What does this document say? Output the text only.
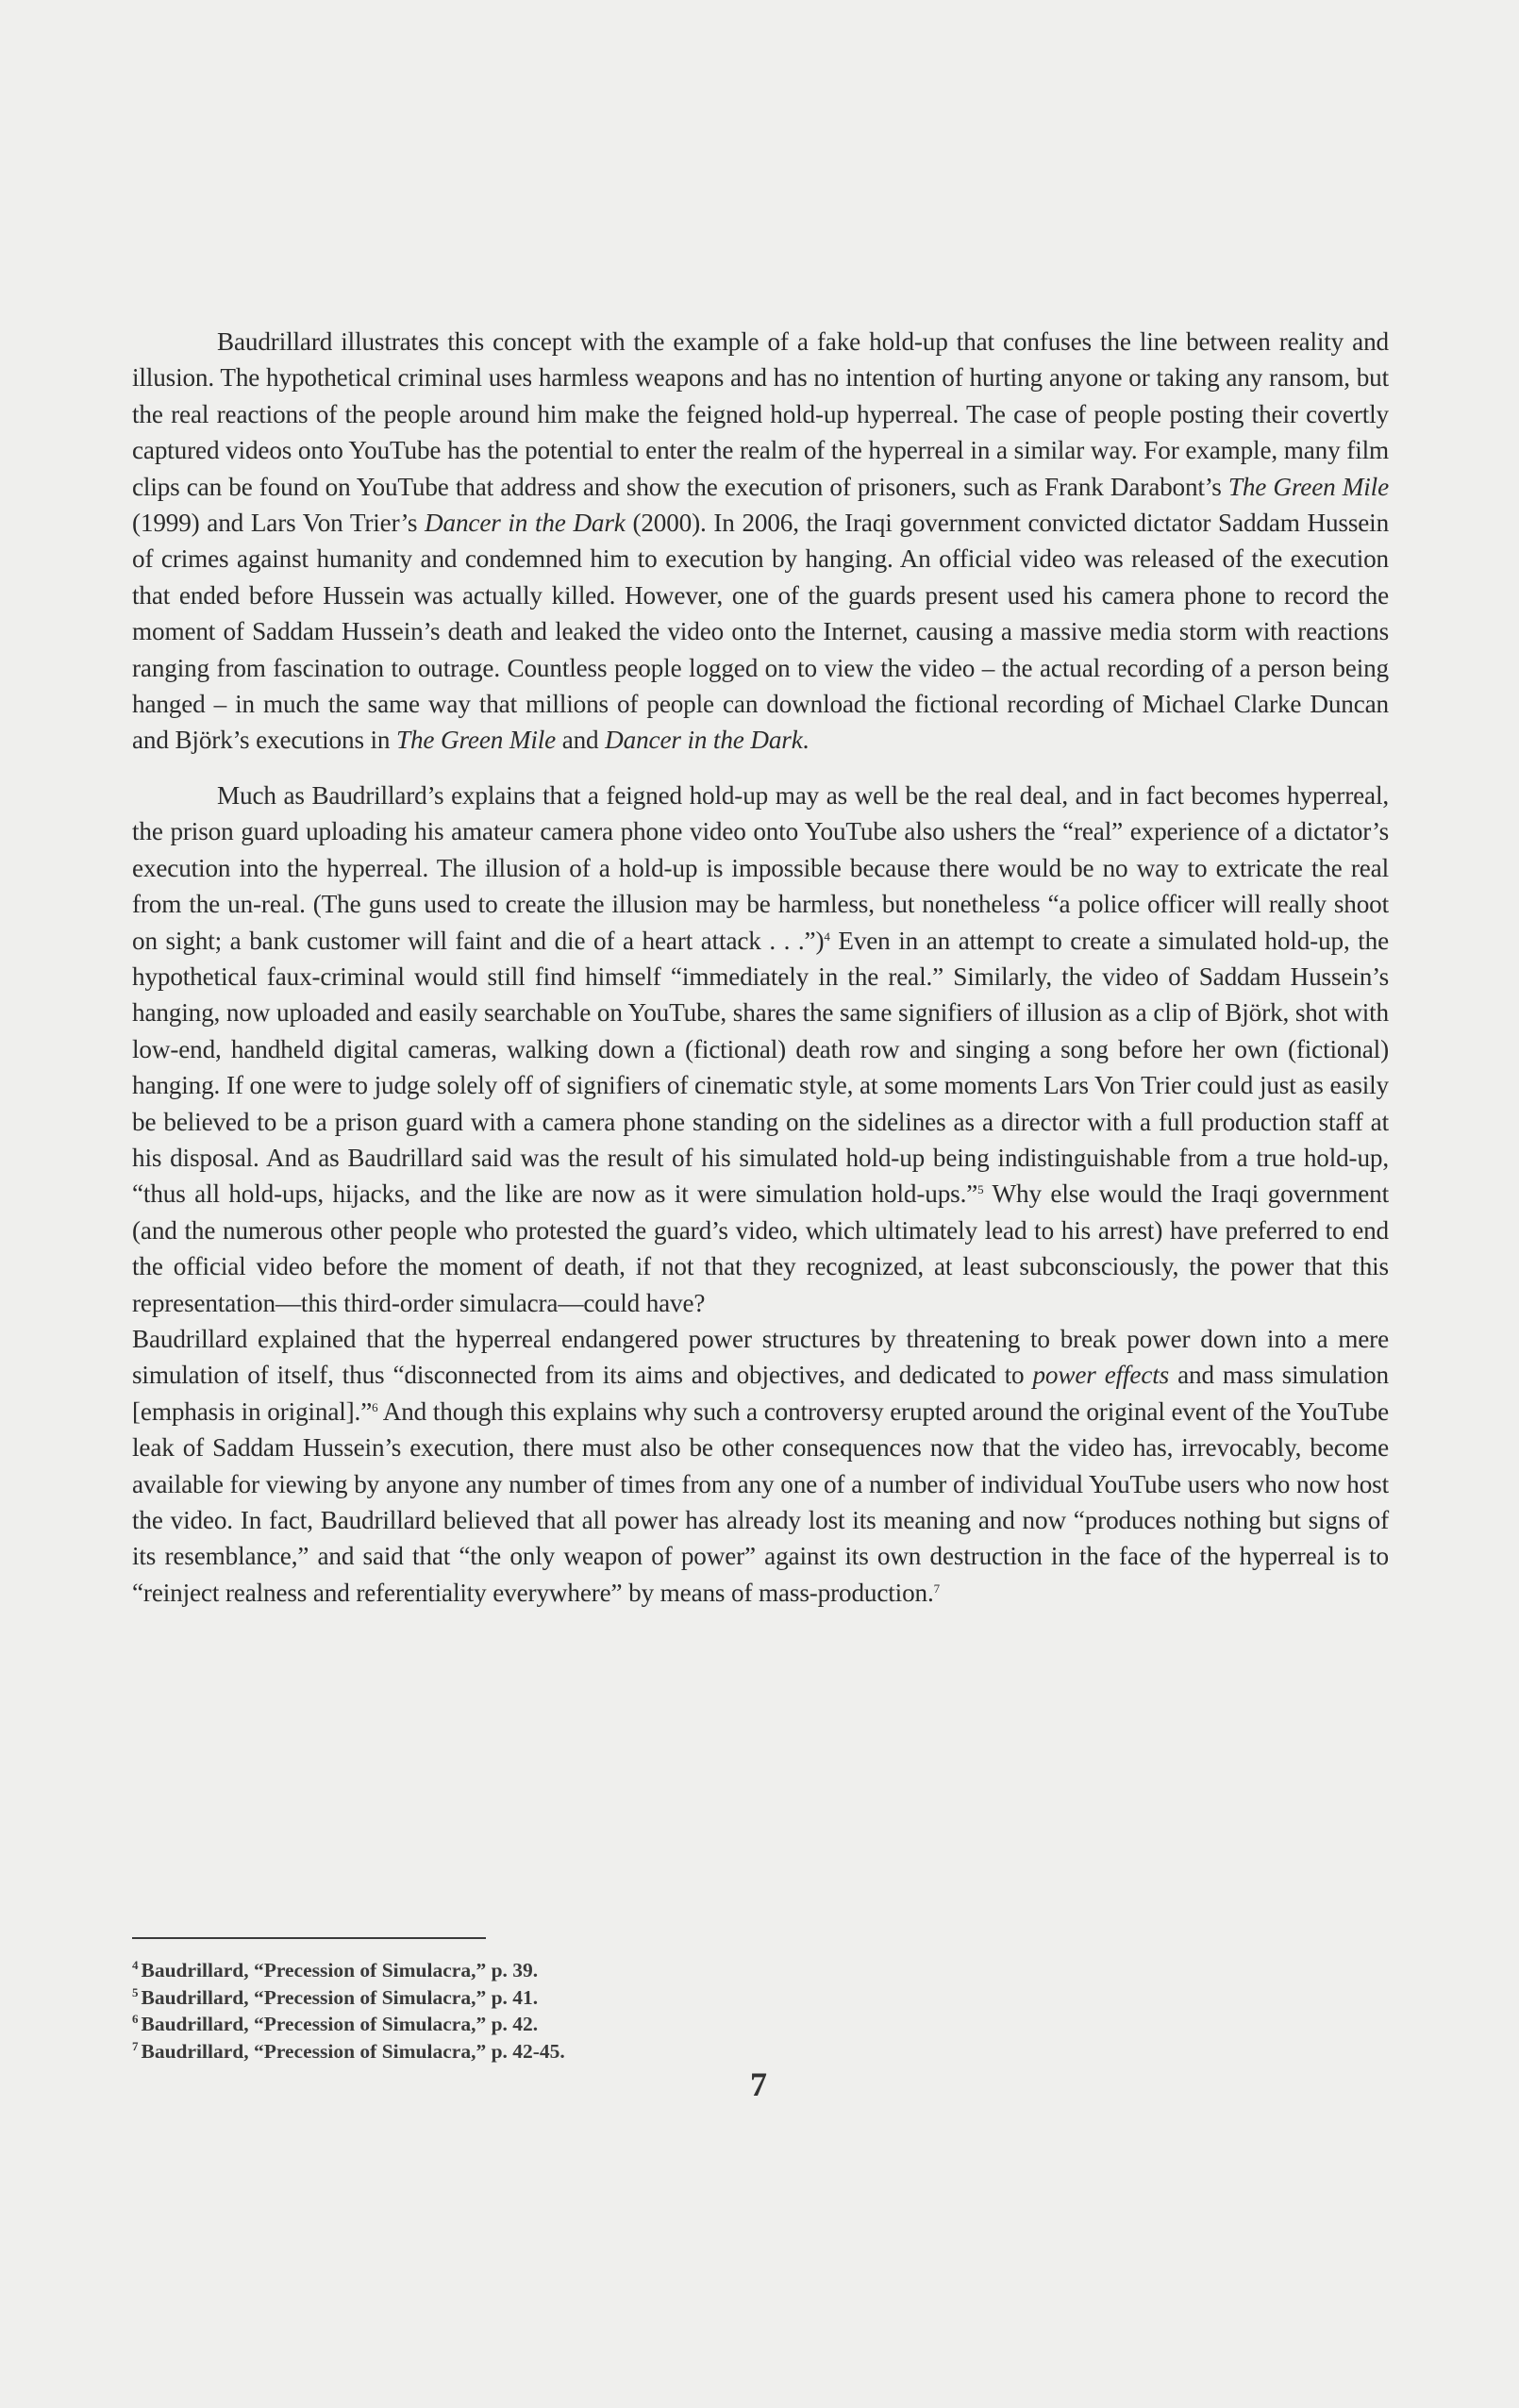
Baudrillard illustrates this concept with the example of a fake hold-up that confuses the line between reality and illusion. The hypothetical criminal uses harmless weapons and has no intention of hurting anyone or taking any ransom, but the real reactions of the people around him make the feigned hold-up hyperreal. The case of people posting their covertly captured videos onto YouTube has the potential to enter the realm of the hyperreal in a similar way. For example, many film clips can be found on YouTube that address and show the execution of prisoners, such as Frank Darabont’s The Green Mile (1999) and Lars Von Trier’s Dancer in the Dark (2000). In 2006, the Iraqi government convicted dictator Saddam Hussein of crimes against humanity and condemned him to execution by hanging. An official video was released of the execution that ended before Hussein was actually killed. However, one of the guards present used his camera phone to record the moment of Saddam Hussein’s death and leaked the video onto the Internet, causing a massive media storm with reactions ranging from fascination to outrage. Countless people logged on to view the video – the actual recording of a person being hanged – in much the same way that millions of people can download the fictional recording of Michael Clarke Duncan and Björk’s executions in The Green Mile and Dancer in the Dark.

Much as Baudrillard’s explains that a feigned hold-up may as well be the real deal, and in fact becomes hyperreal, the prison guard uploading his amateur camera phone video onto YouTube also ushers the “real” experience of a dictator’s execution into the hyperreal. The illusion of a hold-up is impossible because there would be no way to extricate the real from the un-real. (The guns used to create the illusion may be harmless, but nonetheless “a police officer will really shoot on sight; a bank customer will faint and die of a heart attack . . .”)$^4$ Even in an attempt to create a simulated hold-up, the hypothetical faux-criminal would still find himself “immediately in the real.” Similarly, the video of Saddam Hussein’s hanging, now uploaded and easily searchable on YouTube, shares the same signifiers of illusion as a clip of Björk, shot with low-end, handheld digital cameras, walking down a (fictional) death row and singing a song before her own (fictional) hanging. If one were to judge solely off of signifiers of cinematic style, at some moments Lars Von Trier could just as easily be believed to be a prison guard with a camera phone standing on the sidelines as a director with a full production staff at his disposal. And as Baudrillard said was the result of his simulated hold-up being indistinguishable from a true hold-up, “thus all hold-ups, hijacks, and the like are now as it were simulation hold-ups.”$^5$ Why else would the Iraqi government (and the numerous other people who protested the guard’s video, which ultimately lead to his arrest) have preferred to end the official video before the moment of death, if not that they recognized, at least subconsciously, the power that this representation—this third-order simulacra—could have?

Baudrillard explained that the hyperreal endangered power structures by threatening to break power down into a mere simulation of itself, thus “disconnected from its aims and objectives, and dedicated to power effects and mass simulation [emphasis in original].”$^6$ And though this explains why such a controversy erupted around the original event of the YouTube leak of Saddam Hussein’s execution, there must also be other consequences now that the video has, irrevocably, become available for viewing by anyone any number of times from any one of a number of individual YouTube users who now host the video. In fact, Baudrillard believed that all power has already lost its meaning and now “produces nothing but signs of its resemblance,” and said that “the only weapon of power” against its own destruction in the face of the hyperreal is to “reinject realness and referentiality everywhere” by means of mass-production.$^7$

$^4$ Baudrillard, “Precession of Simulacra,” p. 39.

$^5$ Baudrillard, “Precession of Simulacra,” p. 41.

$^6$ Baudrillard, “Precession of Simulacra,” p. 42.

$^7$ Baudrillard, “Precession of Simulacra,” p. 42-45.

7
